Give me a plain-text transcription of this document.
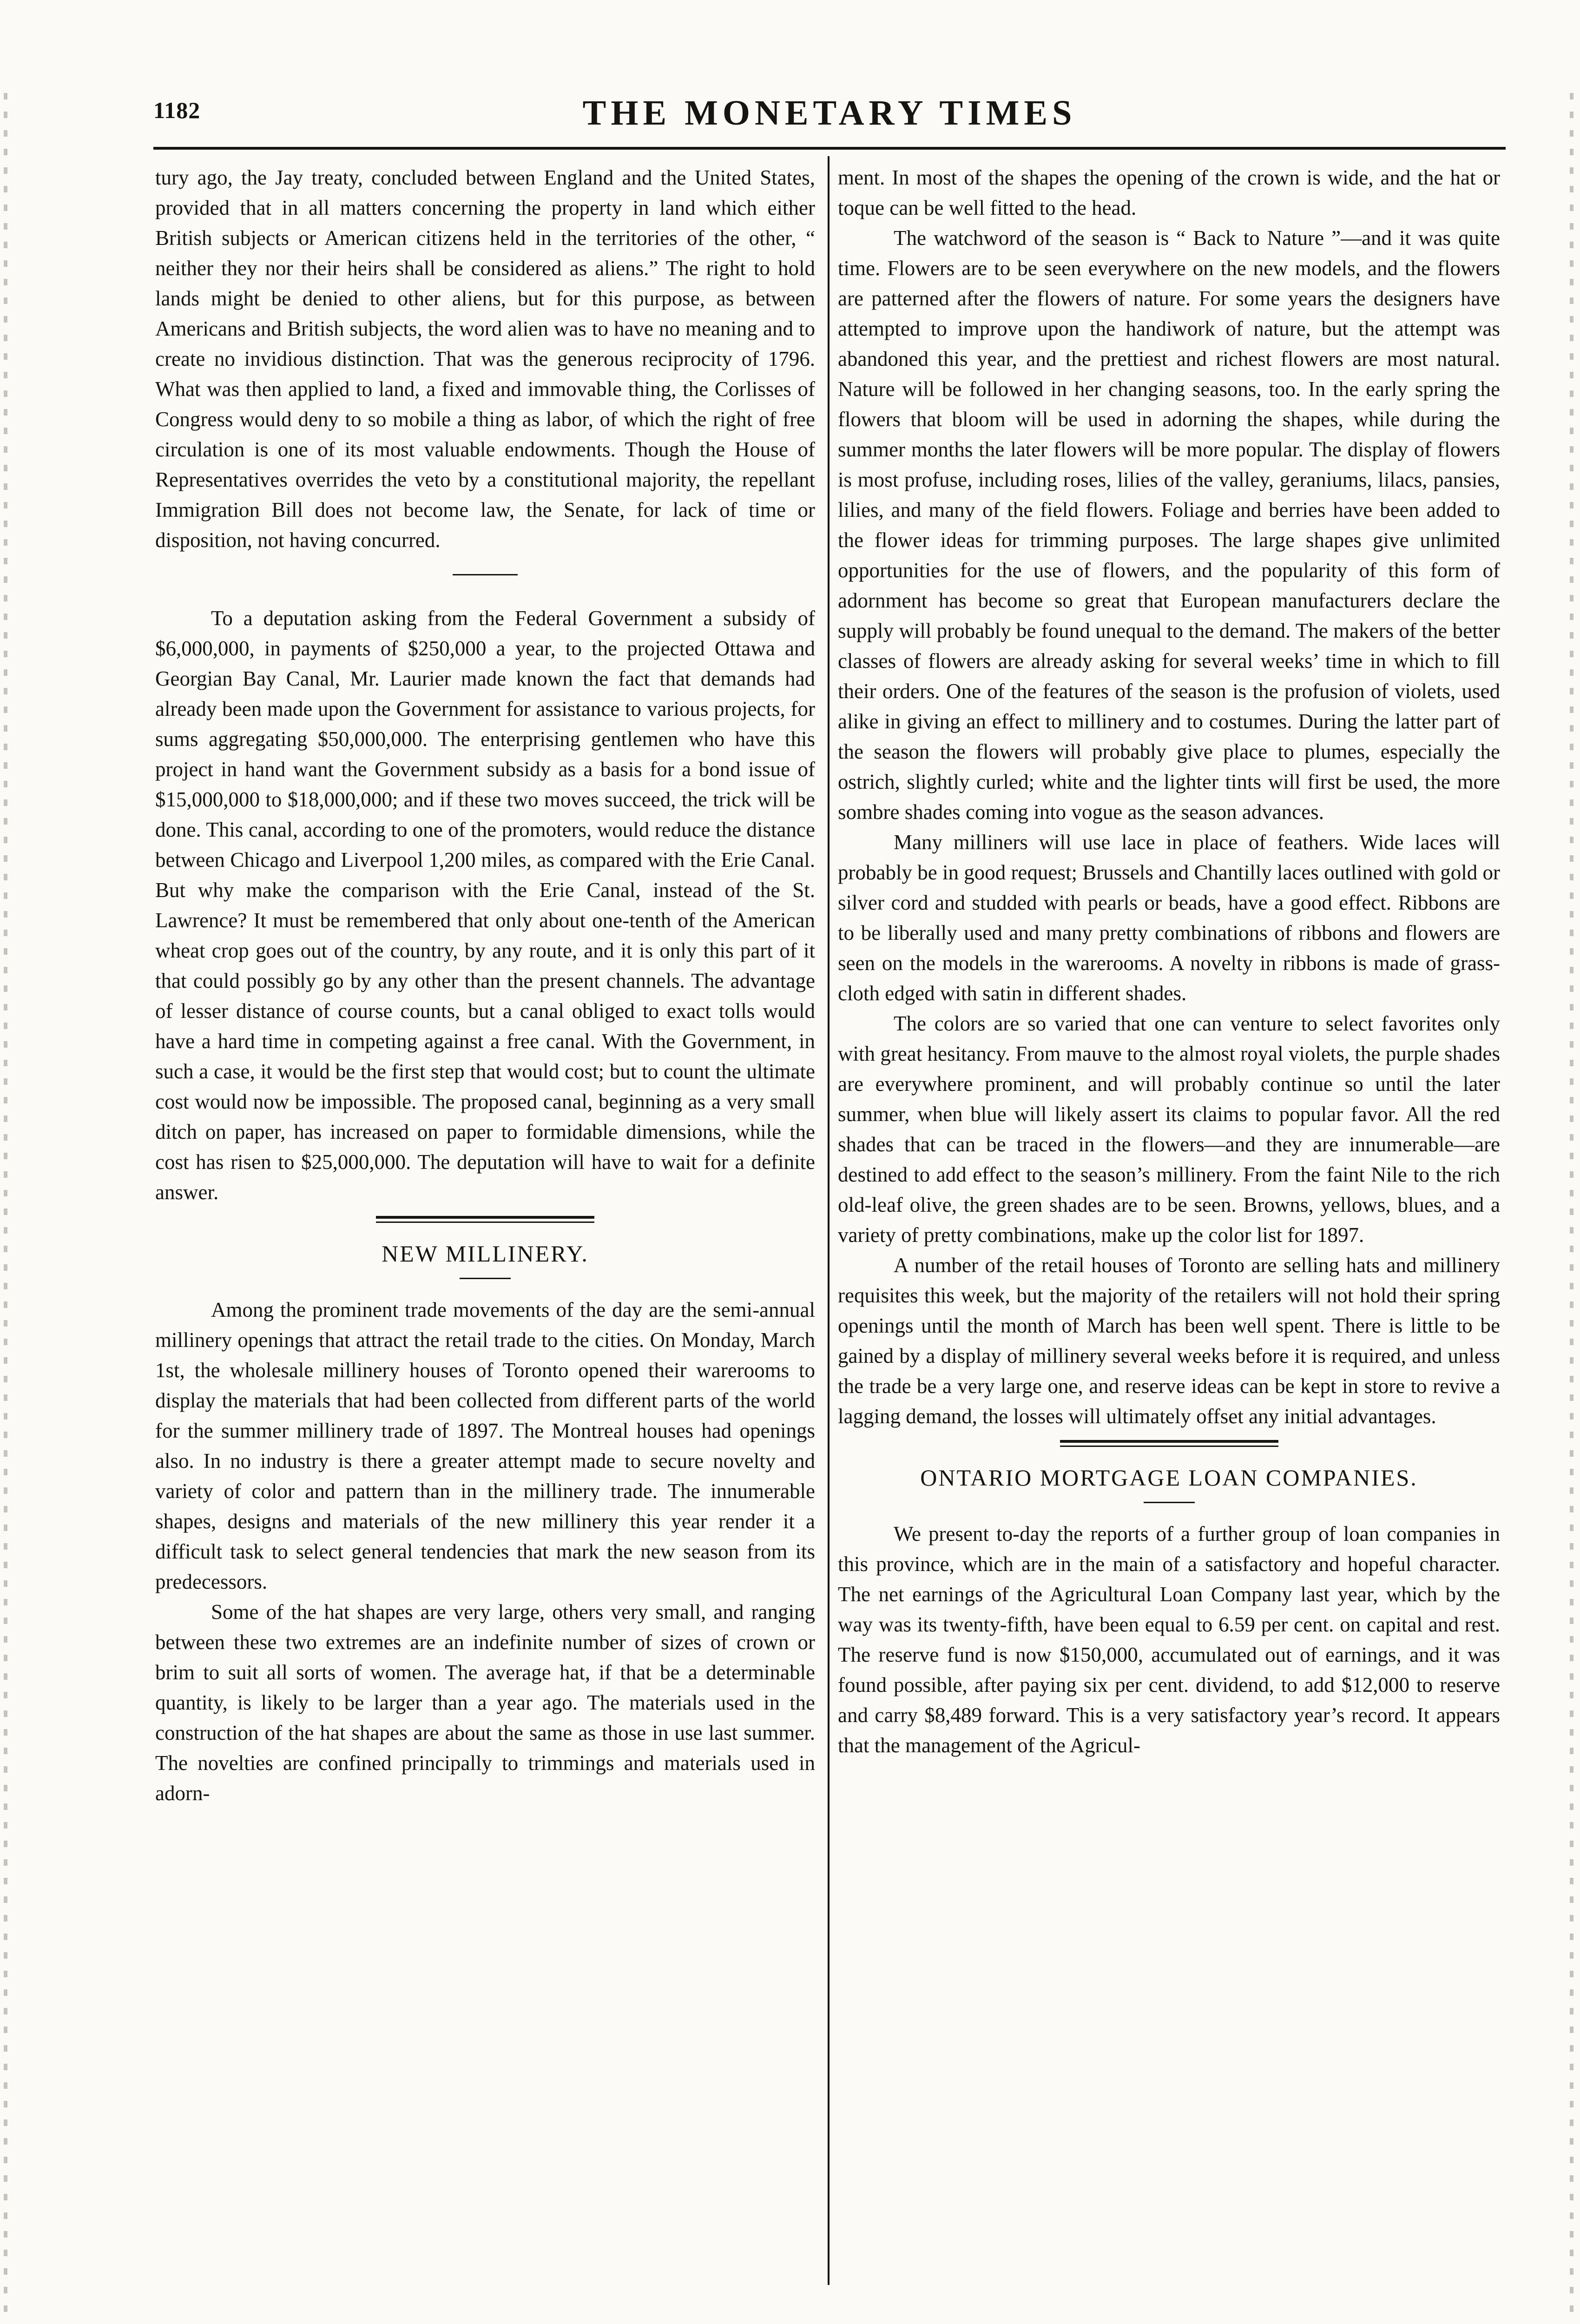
1182	THE MONETARY TIMES

tury ago, the Jay treaty, concluded between England and the United States, provided that in all matters concerning the property in land which either British subjects or American citizens held in the territories of the other, “ neither they nor their heirs shall be considered as aliens.” The right to hold lands might be denied to other aliens, but for this purpose, as between Americans and British subjects, the word alien was to have no meaning and to create no invidious distinction. That was the generous reciprocity of 1796. What was then applied to land, a fixed and immovable thing, the Corlisses of Congress would deny to so mobile a thing as labor, of which the right of free circulation is one of its most valuable endowments. Though the House of Representatives overrides the veto by a constitutional majority, the repellant Immigration Bill does not become law, the Senate, for lack of time or disposition, not having concurred.

To a deputation asking from the Federal Government a subsidy of $6,000,000, in payments of $250,000 a year, to the projected Ottawa and Georgian Bay Canal, Mr. Laurier made known the fact that demands had already been made upon the Government for assistance to various projects, for sums aggregating $50,000,000. The enterprising gentlemen who have this project in hand want the Government subsidy as a basis for a bond issue of $15,000,000 to $18,000,000; and if these two moves succeed, the trick will be done. This canal, according to one of the promoters, would reduce the distance between Chicago and Liverpool 1,200 miles, as compared with the Erie Canal. But why make the comparison with the Erie Canal, instead of the St. Lawrence? It must be remembered that only about one-tenth of the American wheat crop goes out of the country, by any route, and it is only this part of it that could possibly go by any other than the present channels. The advantage of lesser distance of course counts, but a canal obliged to exact tolls would have a hard time in competing against a free canal. With the Government, in such a case, it would be the first step that would cost; but to count the ultimate cost would now be impossible. The proposed canal, beginning as a very small ditch on paper, has increased on paper to formidable dimensions, while the cost has risen to $25,000,000. The deputation will have to wait for a definite answer.

NEW MILLINERY.

Among the prominent trade movements of the day are the semi-annual millinery openings that attract the retail trade to the cities. On Monday, March 1st, the wholesale millinery houses of Toronto opened their warerooms to display the materials that had been collected from different parts of the world for the summer millinery trade of 1897. The Montreal houses had openings also. In no industry is there a greater attempt made to secure novelty and variety of color and pattern than in the millinery trade. The innumerable shapes, designs and materials of the new millinery this year render it a difficult task to select general tendencies that mark the new season from its predecessors.

Some of the hat shapes are very large, others very small, and ranging between these two extremes are an indefinite number of sizes of crown or brim to suit all sorts of women. The average hat, if that be a determinable quantity, is likely to be larger than a year ago. The materials used in the construction of the hat shapes are about the same as those in use last summer. The novelties are confined principally to trimmings and materials used in adorn-

ment. In most of the shapes the opening of the crown is wide, and the hat or toque can be well fitted to the head.

The watchword of the season is “ Back to Nature ”—and it was quite time. Flowers are to be seen everywhere on the new models, and the flowers are patterned after the flowers of nature. For some years the designers have attempted to improve upon the handiwork of nature, but the attempt was abandoned this year, and the prettiest and richest flowers are most natural. Nature will be followed in her changing seasons, too. In the early spring the flowers that bloom will be used in adorning the shapes, while during the summer months the later flowers will be more popular. The display of flowers is most profuse, including roses, lilies of the valley, geraniums, lilacs, pansies, lilies, and many of the field flowers. Foliage and berries have been added to the flower ideas for trimming purposes. The large shapes give unlimited opportunities for the use of flowers, and the popularity of this form of adornment has become so great that European manufacturers declare the supply will probably be found unequal to the demand. The makers of the better classes of flowers are already asking for several weeks’ time in which to fill their orders. One of the features of the season is the profusion of violets, used alike in giving an effect to millinery and to costumes. During the latter part of the season the flowers will probably give place to plumes, especially the ostrich, slightly curled; white and the lighter tints will first be used, the more sombre shades coming into vogue as the season advances.

Many milliners will use lace in place of feathers. Wide laces will probably be in good request; Brussels and Chantilly laces outlined with gold or silver cord and studded with pearls or beads, have a good effect. Ribbons are to be liberally used and many pretty combinations of ribbons and flowers are seen on the models in the warerooms. A novelty in ribbons is made of grass-cloth edged with satin in different shades.

The colors are so varied that one can venture to select favorites only with great hesitancy. From mauve to the almost royal violets, the purple shades are everywhere prominent, and will probably continue so until the later summer, when blue will likely assert its claims to popular favor. All the red shades that can be traced in the flowers—and they are innumerable—are destined to add effect to the season’s millinery. From the faint Nile to the rich old-leaf olive, the green shades are to be seen. Browns, yellows, blues, and a variety of pretty combinations, make up the color list for 1897.

A number of the retail houses of Toronto are selling hats and millinery requisites this week, but the majority of the retailers will not hold their spring openings until the month of March has been well spent. There is little to be gained by a display of millinery several weeks before it is required, and unless the trade be a very large one, and reserve ideas can be kept in store to revive a lagging demand, the losses will ultimately offset any initial advantages.

ONTARIO MORTGAGE LOAN COMPANIES.

We present to-day the reports of a further group of loan companies in this province, which are in the main of a satisfactory and hopeful character. The net earnings of the Agricultural Loan Company last year, which by the way was its twenty-fifth, have been equal to 6.59 per cent. on capital and rest. The reserve fund is now $150,000, accumulated out of earnings, and it was found possible, after paying six per cent. dividend, to add $12,000 to reserve and carry $8,489 forward. This is a very satisfactory year’s record. It appears that the management of the Agricul-
